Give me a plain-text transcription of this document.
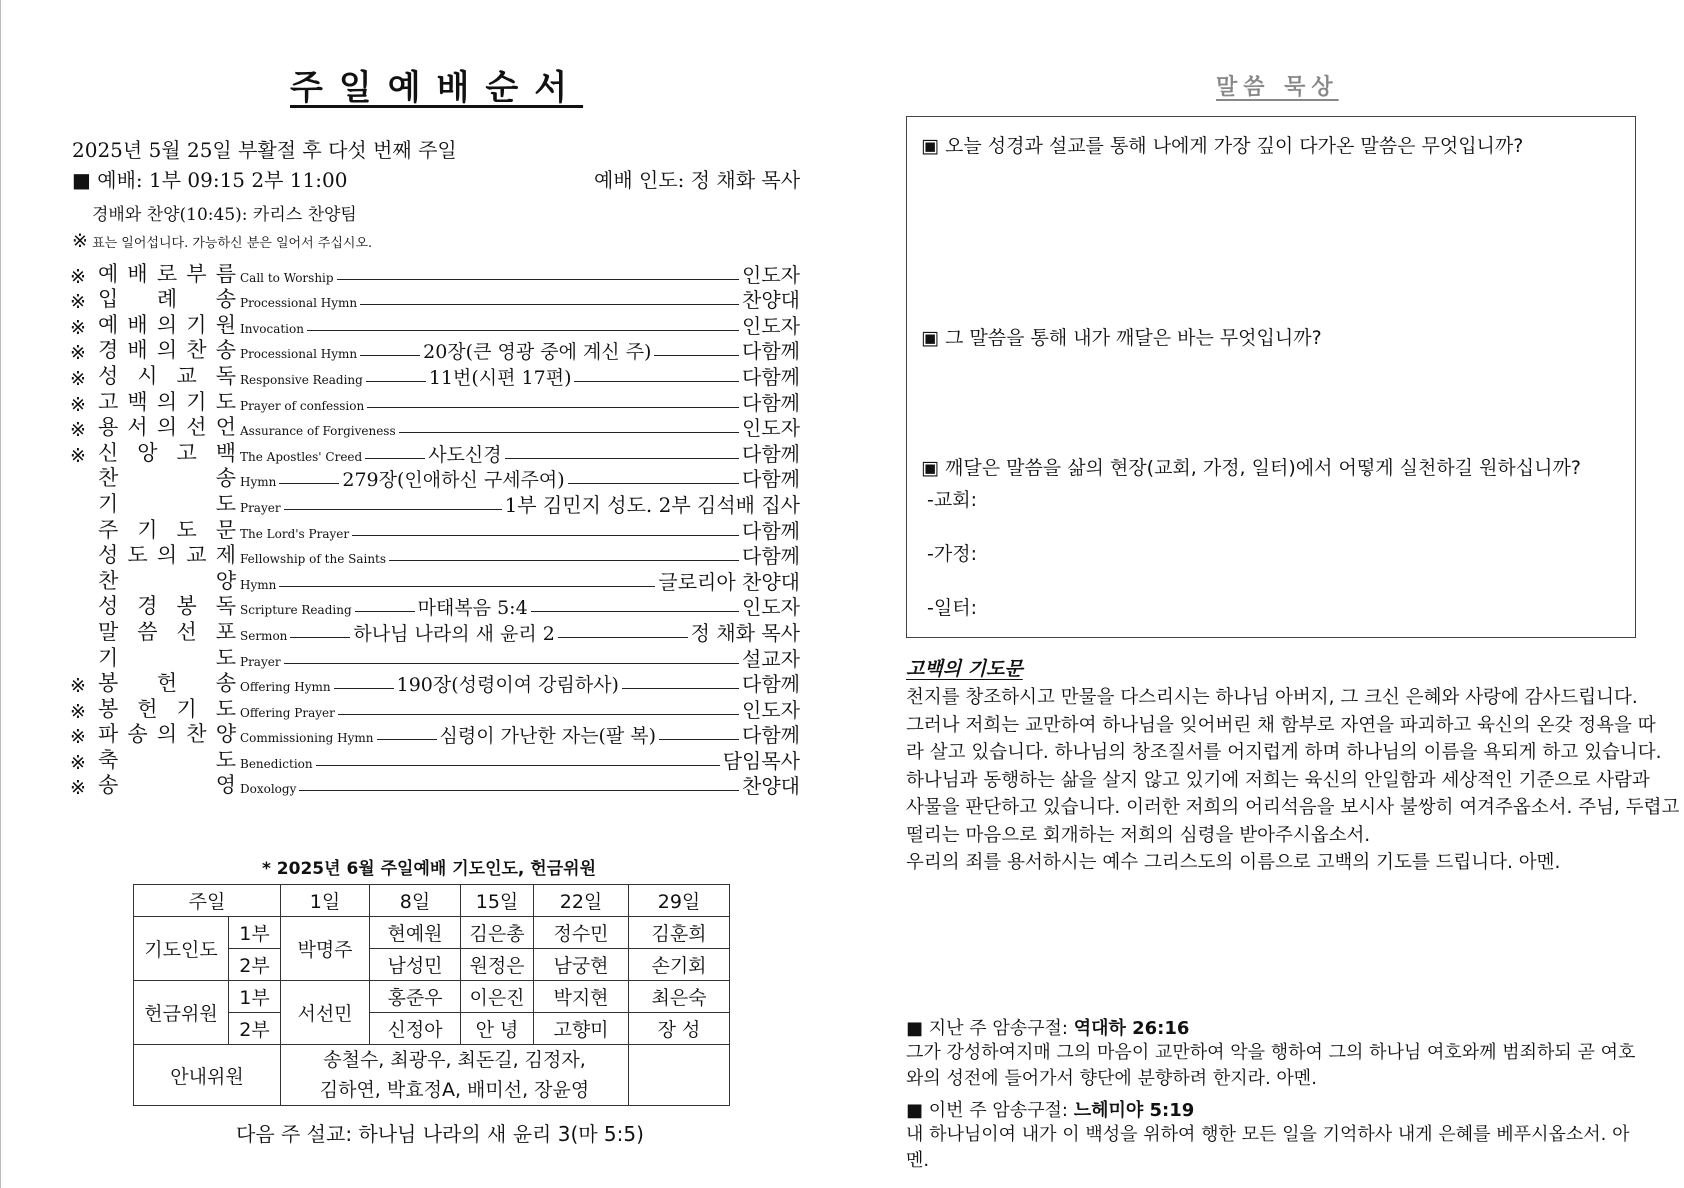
주일예배순서
2025년 5월 25일 부활절 후 다섯 번째 주일
■ 예배: 1부 09:15 2부 11:00	예배 인도: 정 채화 목사
경배와 찬양(10:45): 카리스 찬양팀
※ 표는 일어섭니다. 가능하신 분은 일어서 주십시오.
※ 예 배 로 부 름 Call to Worship	인도자
※ 입 례 송 Processional Hymn	찬양대
※ 예 배 의 기 원 Invocation	인도자
※ 경 배 의 찬 송 Processional Hymn	20장(큰 영광 중에 계신 주)	다함께
※ 성 시 교 독 Responsive Reading	11번(시편 17편)	다함께
※ 고 백 의 기 도 Prayer of confession	다함께
※ 용 서 의 선 언 Assurance of Forgiveness	인도자
※ 신 앙 고 백 The Apostles' Creed	사도신경	다함께
찬	송 Hymn	279장(인애하신 구세주여)	다함께
기	도 Prayer	1부 김민지 성도. 2부 김석배 집사
주 기 도 문 The Lord's Prayer	다함께
성 도 의 교 제 Fellowship of the Saints	다함께
찬	양 Hymn	글로리아 찬양대
성 경 봉 독 Scripture Reading	마태복음 5:4	인도자
말 씀 선 포 Sermon	하나님 나라의 새 윤리 2	정 채화 목사
기	도 Prayer	설교자
※ 봉 헌 송 Offering Hymn	190장(성령이여 강림하사)	다함께
※ 봉 헌 기 도 Offering Prayer	인도자
※ 파 송 의 찬 양 Commissioning Hymn	심령이 가난한 자는(팔 복)	다함께
※ 축	도 Benediction	담임목사
※ 송	영 Doxology	찬양대
* 2025년 6월 주일예배 기도인도, 헌금위원
주일		1일	8일	15일	22일	29일
기도인도	1부	박명주	현예원	김은총	정수민	김훈희
	2부		남성민	원정은	남궁현	손기회
헌금위원	1부	서선민	홍준우	이은진	박지현	최은숙
	2부		신정아	안 녕	고향미	장 성
안내위원		송철수, 최광우, 최돈길, 김정자,
김하연, 박효정A, 배미선, 장윤영				

다음 주 설교: 하나님 나라의 새 윤리 3(마 5:5)
말씀 묵상
▣ 오늘 성경과 설교를 통해 나에게 가장 깊이 다가온 말씀은 무엇입니까?
▣ 그 말씀을 통해 내가 깨달은 바는 무엇입니까?
▣ 깨달은 말씀을 삶의 현장(교회, 가정, 일터)에서 어떻게 실천하길 원하십니까?
-교회:
-가정:
-일터:
고백의 기도문
천지를 창조하시고 만물을 다스리시는 하나님 아버지, 그 크신 은혜와 사랑에 감사드립니다.
그러나 저희는 교만하여 하나님을 잊어버린 채 함부로 자연을 파괴하고 육신의 온갖 정욕을 따
라 살고 있습니다. 하나님의 창조질서를 어지럽게 하며 하나님의 이름을 욕되게 하고 있습니다.
하나님과 동행하는 삶을 살지 않고 있기에 저희는 육신의 안일함과 세상적인 기준으로 사람과
사물을 판단하고 있습니다. 이러한 저희의 어리석음을 보시사 불쌍히 여겨주옵소서. 주님, 두렵고
떨리는 마음으로 회개하는 저희의 심령을 받아주시옵소서.
우리의 죄를 용서하시는 예수 그리스도의 이름으로 고백의 기도를 드립니다. 아멘.
■ 지난 주 암송구절: 역대하 26:16
그가 강성하여지매 그의 마음이 교만하여 악을 행하여 그의 하나님 여호와께 범죄하되 곧 여호와의 성전에 들어가서 향단에 분향하려 한지라. 아멘.
■ 이번 주 암송구절: 느헤미야 5:19
내 하나님이여 내가 이 백성을 위하여 행한 모든 일을 기억하사 내게 은혜를 베푸시옵소서. 아멘.
